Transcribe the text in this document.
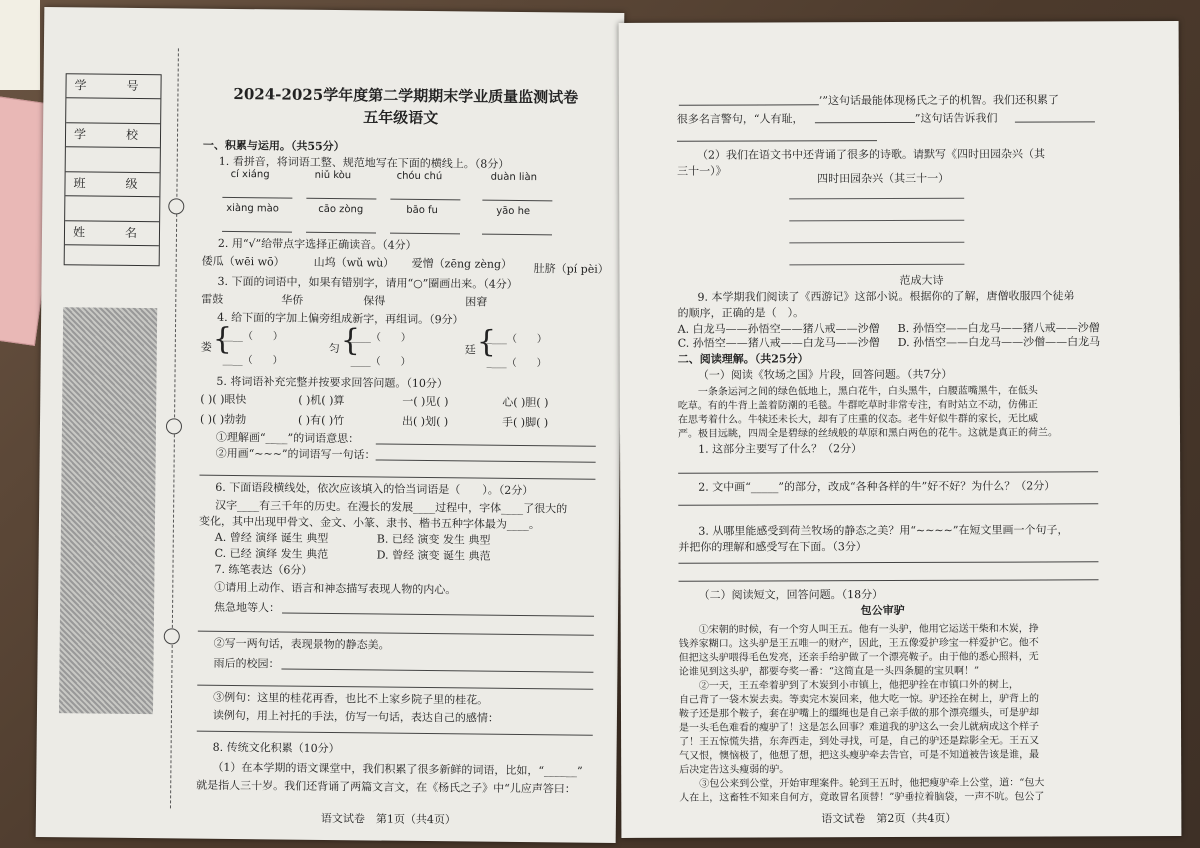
学　号
学　校
班　级
姓　名
2024-2025学年度第二学期期末学业质量监测试卷
五年级语文
一、积累与运用。（共55分）
1. 看拼音，将词语工整、规范地写在下面的横线上。（8分）
cí xiáng	niǔ kòu	chóu chú	duàn liàn
xiàng mào	cāo zòng	bāo fu	yāo he
2. 用“√”给带点字选择正确读音。（4分）
倭瓜（wēi wō）	山坞（wǔ wù） 爱憎（zēng zèng） 肚脐（pí pèi）
3. 下面的词语中，如果有错别字，请用“○”圈画出来。（4分）
雷鼓	华侨	保得	困窘
4. 给下面的字加上偏旁组成新字，再组词。（9分）
娄 {
____（　　）
____（　　）
匀 {
____（　　）
____（　　）
廷 {
____（　　）
____（　　）
5. 将词语补充完整并按要求回答问题。（10分）
( )( )眼快	( )机( )算	一( )见( )	心( )胆( )
( )( )勃勃	( )有( )竹	出( )划( )	手( )脚( )
①理解画“____”的词语意思：
②用画“~~~”的词语写一句话：
6. 下面语段横线处，依次应该填入的恰当词语是（　　）。（2分）
汉字____有三千年的历史。在漫长的发展____过程中，字体____了很大的
变化，其中出现甲骨文、金文、小篆、隶书、楷书五种字体最为____。
A. 曾经 演绎 诞生 典型	B. 已经 演变 发生 典型
C. 已经 演绎 发生 典范	D. 曾经 演变 诞生 典范
7. 练笔表达（6分）
①请用上动作、语言和神态描写表现人物的内心。
焦急地等人：
②写一两句话，表现景物的静态美。
雨后的校园：
③例句：这里的桂花再香，也比不上家乡院子里的桂花。
读例句，用上衬托的手法，仿写一句话，表达自己的感情：
8. 传统文化积累（10分）
（1）在本学期的语文课堂中，我们积累了很多新鲜的词语，比如，“______”
就是指人三十岁。我们还背诵了两篇文言文，在《杨氏之子》中“儿应声答曰：
语文试卷　第1页（共4页）
’”这句话最能体现杨氏之子的机智。我们还积累了
很多名言警句，“人有耻，	”这句话告诉我们
（2）我们在语文书中还背诵了很多的诗歌。请默写《四时田园杂兴（其
三十一）》
四时田园杂兴（其三十一）
范成大诗
9. 本学期我们阅读了《西游记》这部小说。根据你的了解，唐僧收服四个徒弟
的顺序，正确的是（　）。
A. 白龙马——孙悟空——猪八戒——沙僧 B. 孙悟空——白龙马——猪八戒——沙僧
C. 孙悟空——猪八戒——白龙马——沙僧 D. 孙悟空——白龙马——沙僧——白龙马
二、阅读理解。（共25分）
（一）阅读《牧场之国》片段，回答问题。（共7分）
一条条运河之间的绿色低地上，黑白花牛，白头黑牛，白腰蓝嘴黑牛，在低头
吃草。有的牛背上盖着防潮的毛毯。牛群吃草时非常专注，有时站立不动，仿佛正
在思考着什么。牛犊还未长大，却有了庄重的仪态。老牛好似牛群的家长，无比威
严。极目远眺，四周全是碧绿的丝绒般的草原和黑白两色的花牛。这就是真正的荷兰。
1. 这部分主要写了什么？（2分）
2. 文中画“_____”的部分，改成“各种各样的牛”好不好？为什么？（2分）
3. 从哪里能感受到荷兰牧场的静态之美？用“~~~~”在短文里画一个句子，
并把你的理解和感受写在下面。（3分）
（二）阅读短文，回答问题。（18分）
包公审驴
①宋朝的时候，有一个穷人叫王五。他有一头驴，他用它运送干柴和木炭，挣
钱养家糊口。这头驴是王五唯一的财产，因此，王五像爱护珍宝一样爱护它。他不
但把这头驴喂得毛色发亮，还亲手给驴做了一个漂亮鞍子。由于他的悉心照料，无
论谁见到这头驴，都要夸奖一番：“这简直是一头四条腿的宝贝啊！”
②一天，王五牵着驴到了木炭到小市镇上，他把驴拴在市镇口外的树上，
自己背了一袋木炭去卖。等卖完木炭回来，他大吃一惊。驴还拴在树上，驴背上的
鞍子还是那个鞍子，套在驴嘴上的缰绳也是自己亲手做的那个漂亮缰头，可是驴却
是一头毛色难看的瘦驴了！这是怎么回事？难道我的驴这么一会儿就病成这个样子
了！王五惊慌失措，东奔西走，到处寻找，可是，自己的驴还是踪影全无。王五又
气又恨，懊恼极了，他想了想，把这头瘦驴牵去告官，可是不知道被告该是谁，最
后决定告这头瘦弱的驴。
③包公来到公堂，开始审理案件。轮到王五时，他把瘦驴牵上公堂，道：“包大
人在上，这畜牲不知来自何方，竟敢冒名顶替！”驴垂拉着脑袋，一声不吭。包公了
语文试卷　第2页（共4页）
